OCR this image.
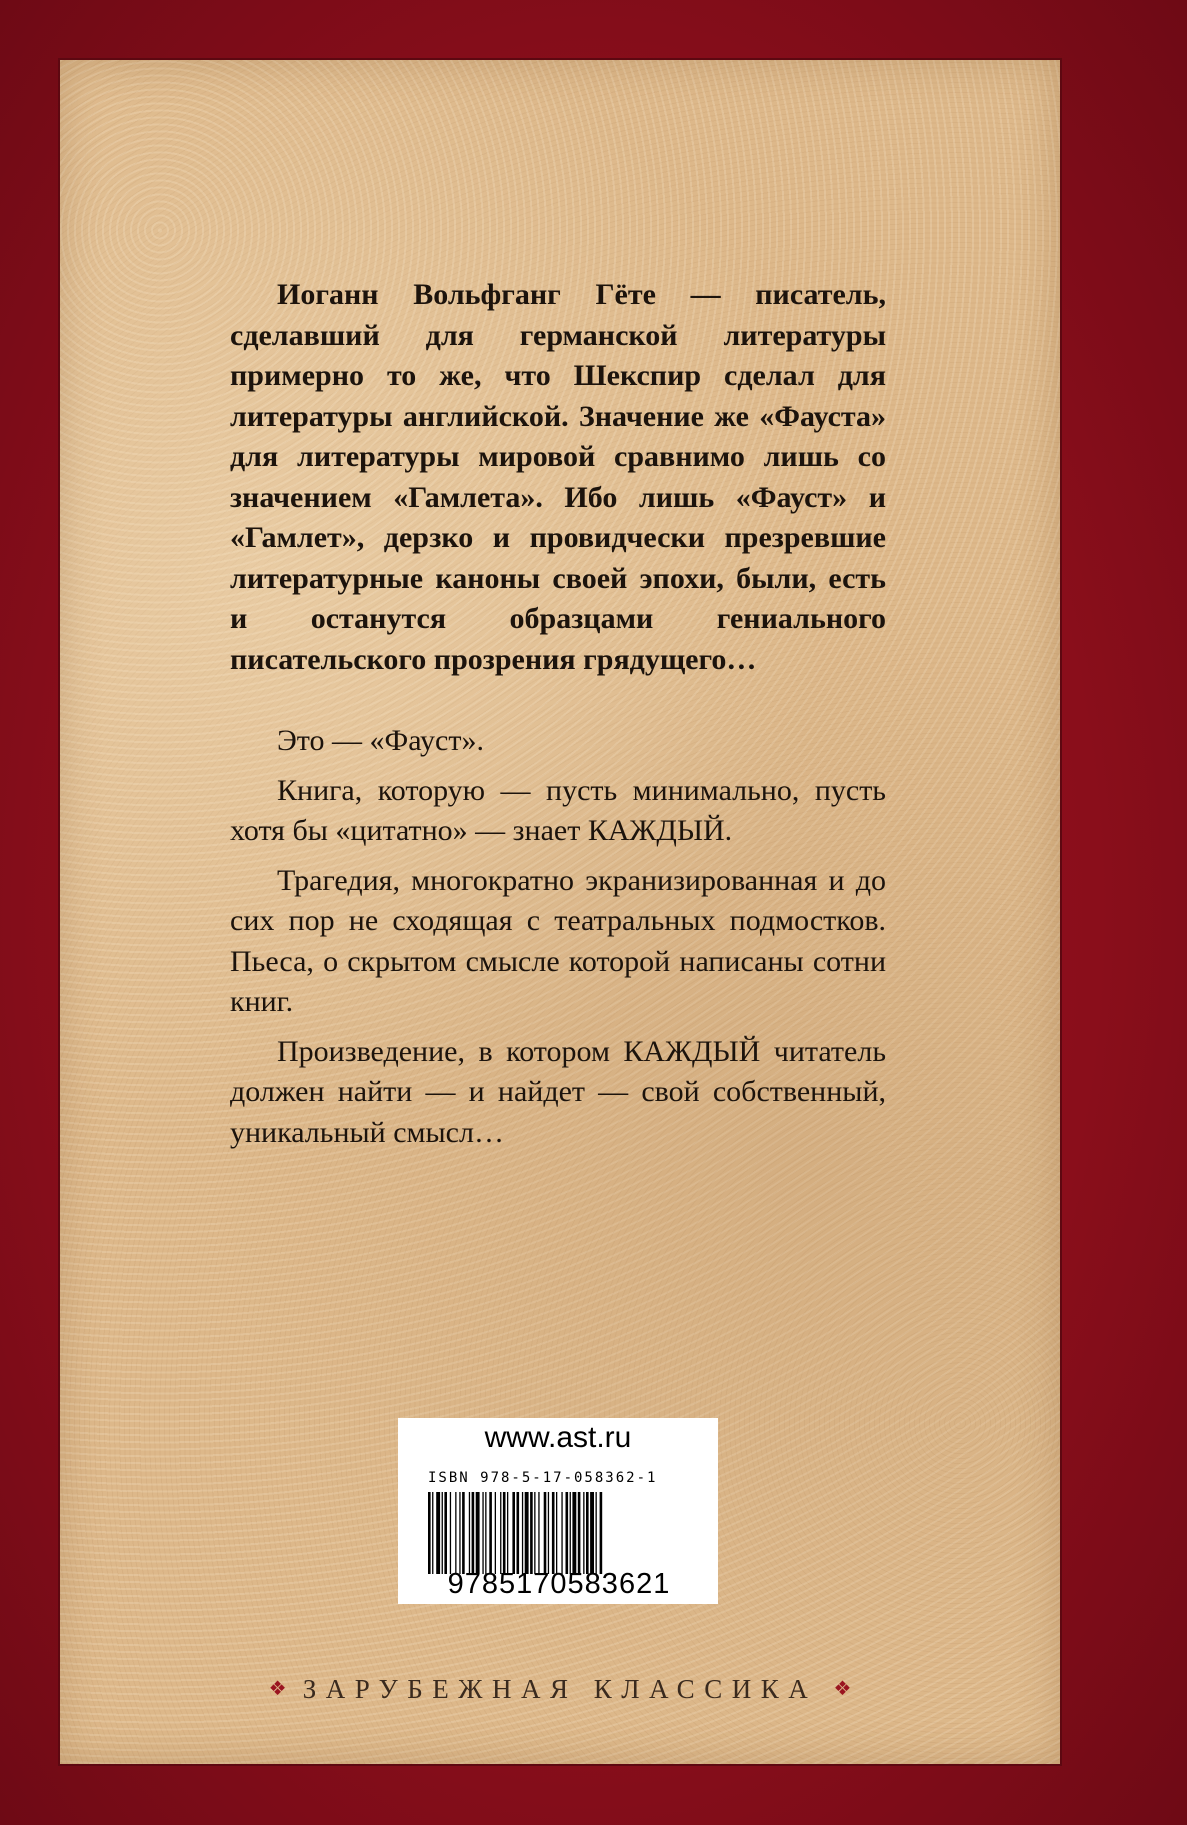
Иоганн Вольфганг Гёте — писатель, сделавший для германской литературы примерно то же, что Шекспир сделал для литературы английской. Значение же «Фауста» для литературы мировой сравнимо лишь со значением «Гамлета». Ибо лишь «Фауст» и «Гамлет», дерзко и провидчески презревшие литературные каноны своей эпохи, были, есть и останутся образцами гениального писательского прозрения грядущего…

Это — «Фауст».

Книга, которую — пусть минимально, пусть хотя бы «цитатно» — знает КАЖДЫЙ.

Трагедия, многократно экранизированная и до сих пор не сходящая с театральных подмостков. Пьеса, о скрытом смысле которой написаны сотни книг.

Произведение, в котором КАЖДЫЙ читатель должен найти — и найдет — свой собственный, уникальный смысл…

www.ast.ru
ISBN 978-5-17-058362-1
9785170583621
❖ ЗАРУБЕЖНАЯ КЛАССИКА ❖
